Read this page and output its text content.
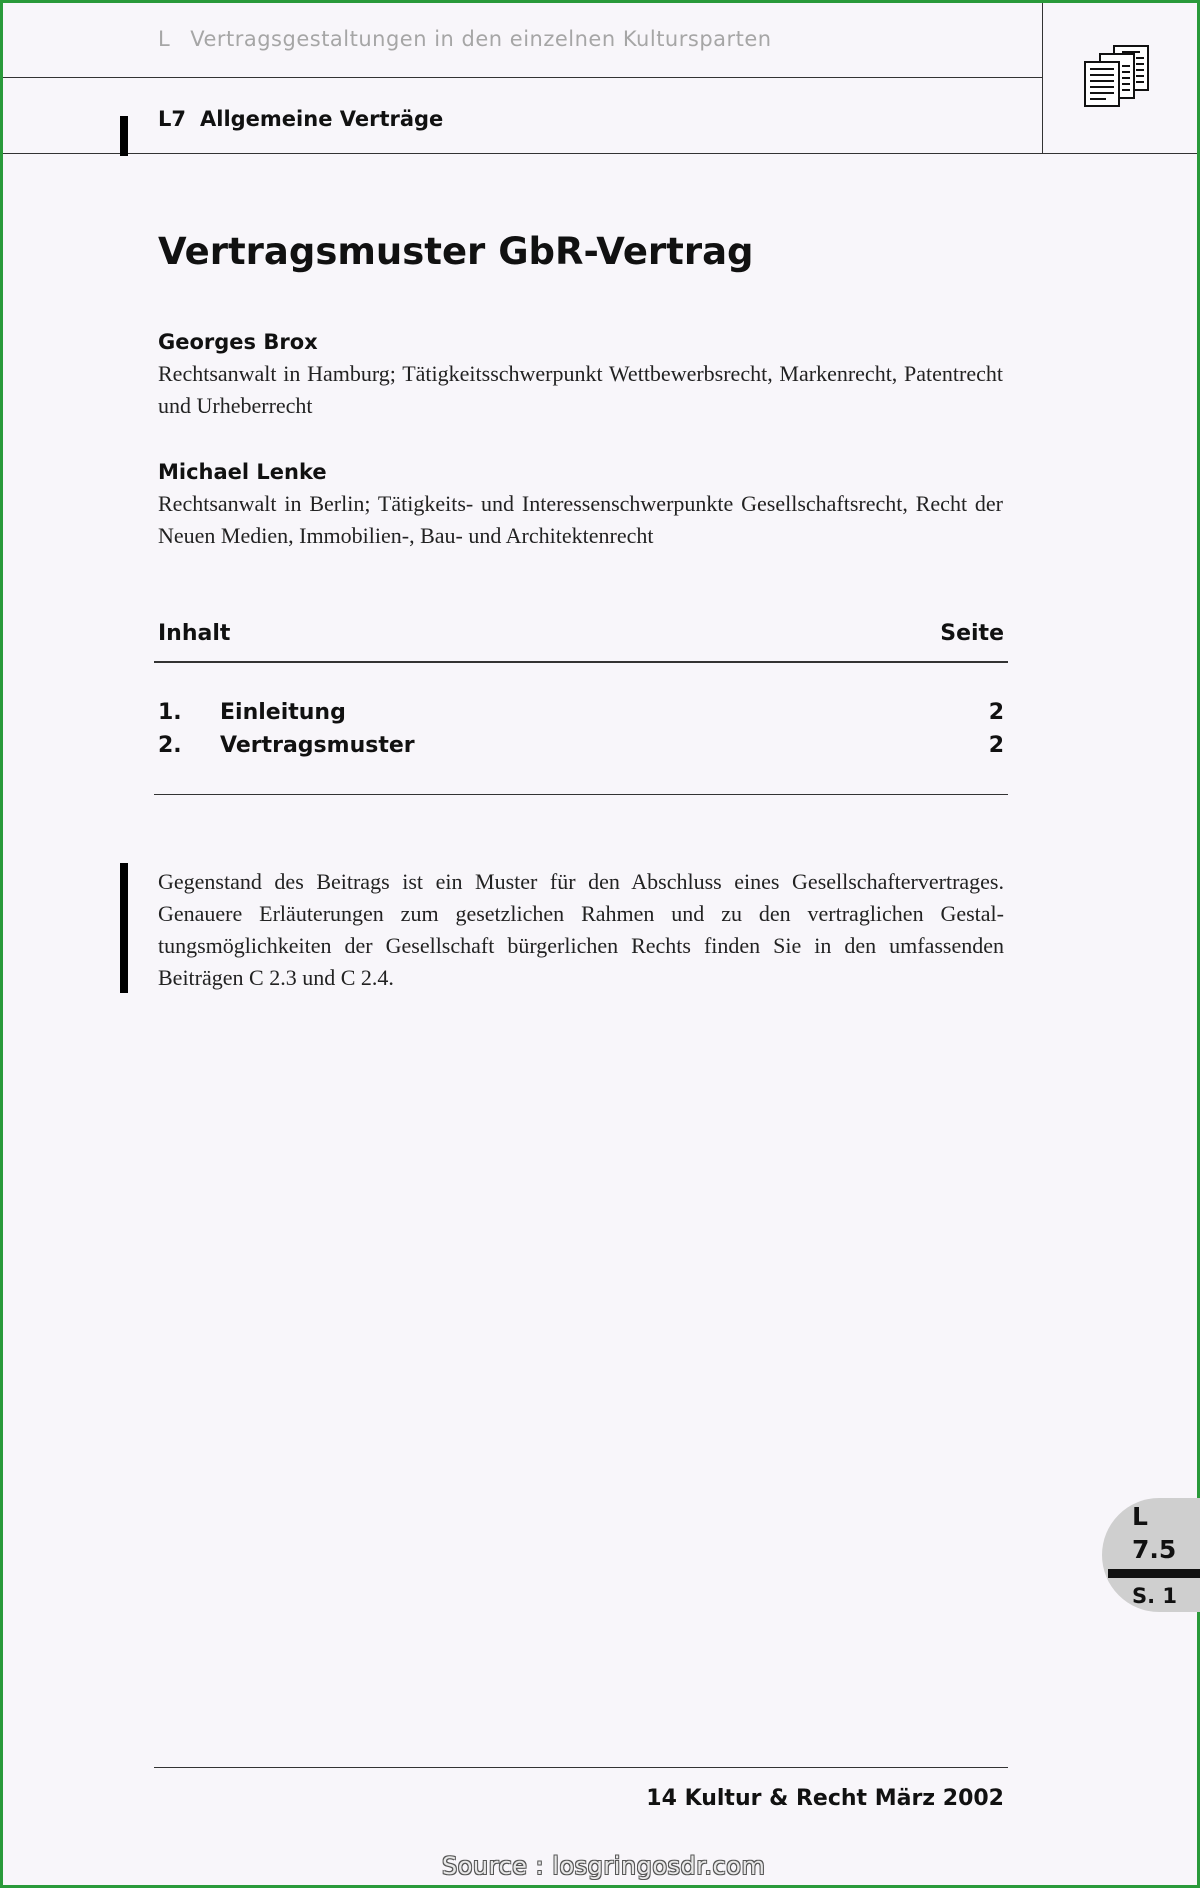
L Vertragsgestaltungen in den einzelnen Kultursparten
L7 Allgemeine Verträge
Vertragsmuster GbR-Vertrag
Georges Brox
Rechtsanwalt in Hamburg; Tätigkeitsschwerpunkt Wettbewerbsrecht, Markenrecht, Patentrecht und Urheberrecht
Michael Lenke
Rechtsanwalt in Berlin; Tätigkeits- und Interessenschwerpunkte Gesellschaftsrecht, Recht der Neuen Medien, Immobilien-, Bau- und Architektenrecht
Inhalt	Seite
1.	Einleitung	2
2.	Vertragsmuster	2
Gegenstand des Beitrags ist ein Muster für den Abschluss eines Gesellschaftervertrages. Genauere Erläuterungen zum gesetzlichen Rahmen und zu den vertraglichen Gestal-tungsmöglichkeiten der Gesellschaft bürgerlichen Rechts finden Sie in den umfassenden Beiträgen C 2.3 und C 2.4.
L
7.5
S. 1
14 Kultur & Recht März 2002
Source : losgringosdr.com
